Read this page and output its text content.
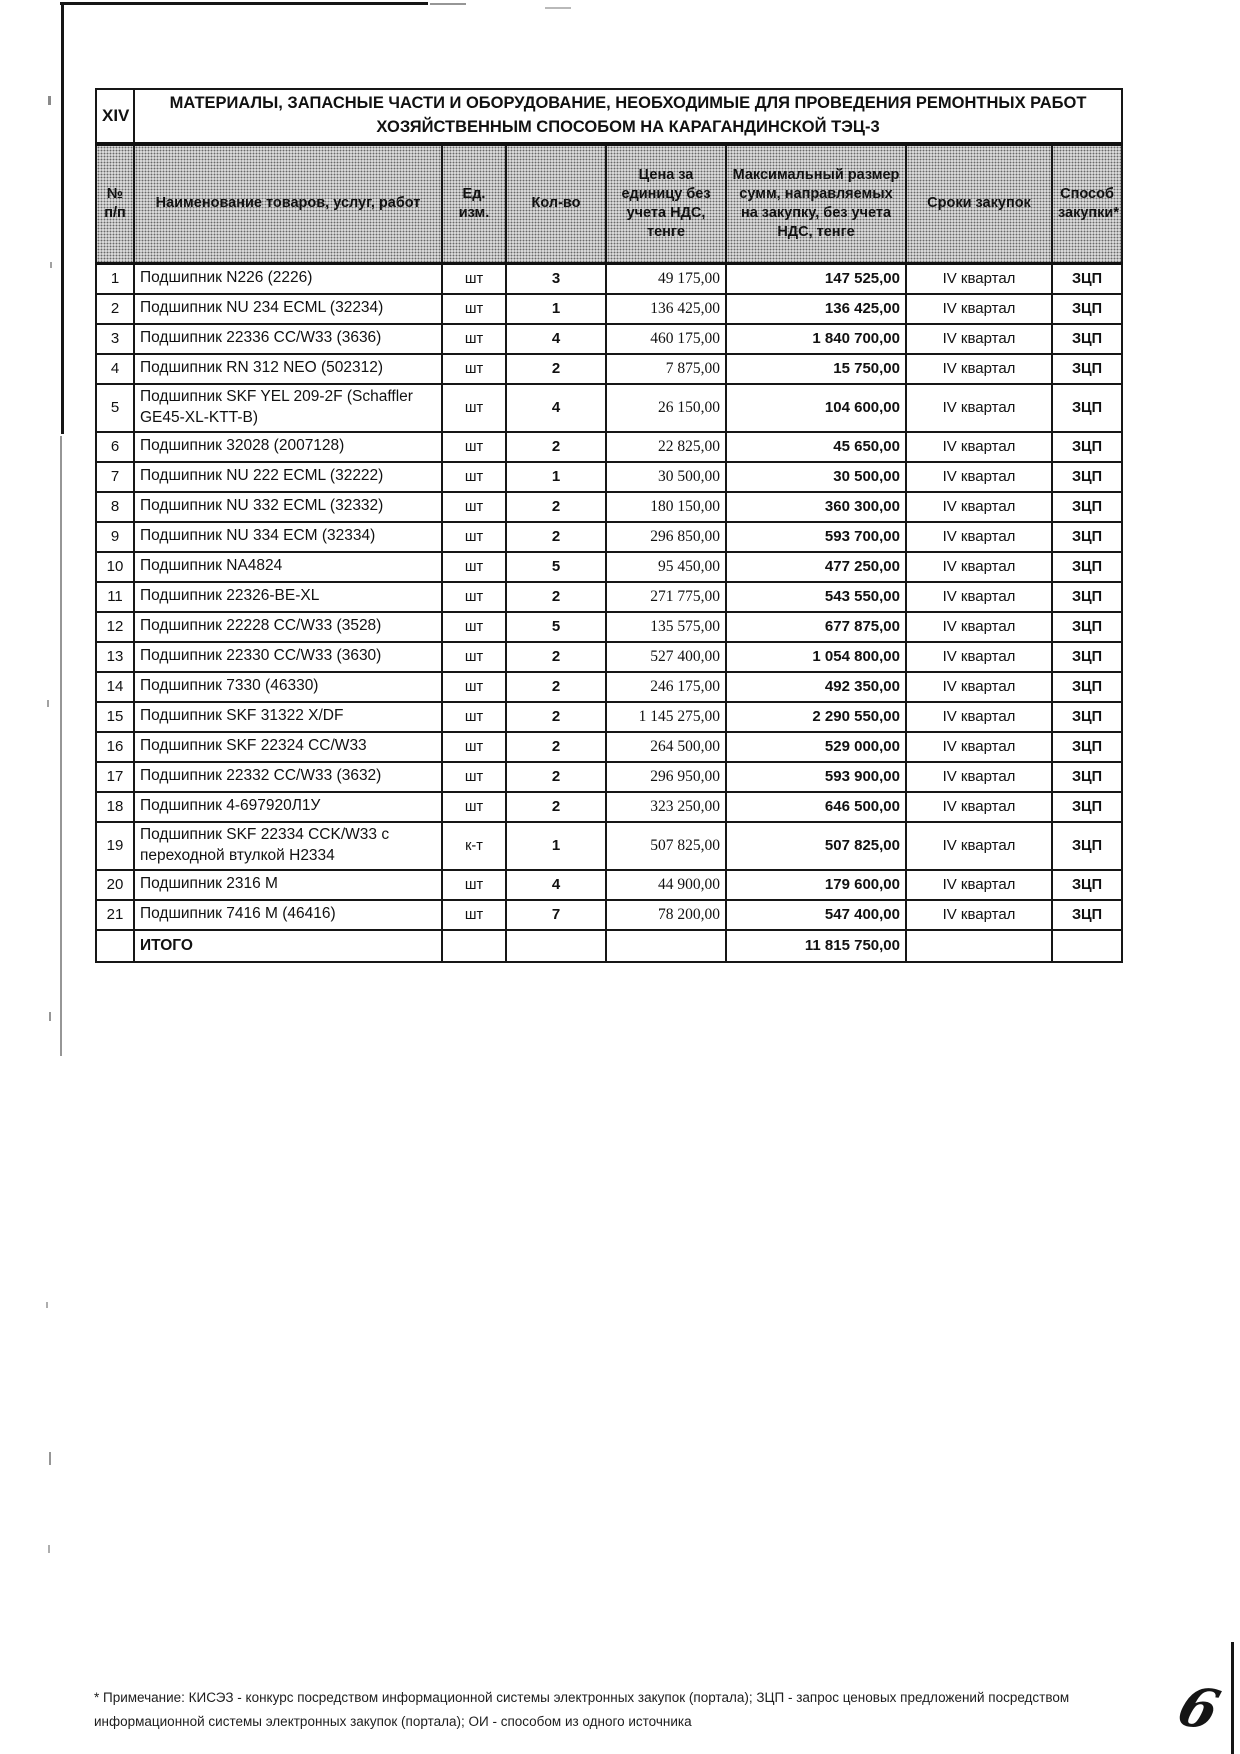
XIV	МАТЕРИАЛЫ, ЗАПАСНЫЕ ЧАСТИ И ОБОРУДОВАНИЕ, НЕОБХОДИМЫЕ ДЛЯ ПРОВЕДЕНИЯ РЕМОНТНЫХ РАБОТ ХОЗЯЙСТВЕННЫМ СПОСОБОМ НА КАРАГАНДИНСКОЙ ТЭЦ-3						
№ п/п	Наименование товаров, услуг, работ	Ед. изм.	Кол-во	Цена за единицу без учета НДС, тенге	Максимальный размер сумм, направляемых на закупку, без учета НДС, тенге	Сроки закупок	Способ закупки*
1	Подшипник N226 (2226)	шт	3	49 175,00	147 525,00	IV квартал	ЗЦП
2	Подшипник NU 234 ECML (32234)	шт	1	136 425,00	136 425,00	IV квартал	ЗЦП
3	Подшипник 22336 CC/W33 (3636)	шт	4	460 175,00	1 840 700,00	IV квартал	ЗЦП
4	Подшипник RN 312 NEO (502312)	шт	2	7 875,00	15 750,00	IV квартал	ЗЦП
5	Подшипник SKF YEL 209-2F (Schaffler GE45-XL-KTT-B)	шт	4	26 150,00	104 600,00	IV квартал	ЗЦП
6	Подшипник 32028 (2007128)	шт	2	22 825,00	45 650,00	IV квартал	ЗЦП
7	Подшипник NU 222 ECML (32222)	шт	1	30 500,00	30 500,00	IV квартал	ЗЦП
8	Подшипник NU 332 ECML (32332)	шт	2	180 150,00	360 300,00	IV квартал	ЗЦП
9	Подшипник NU 334 ECM (32334)	шт	2	296 850,00	593 700,00	IV квартал	ЗЦП
10	Подшипник NA4824	шт	5	95 450,00	477 250,00	IV квартал	ЗЦП
11	Подшипник 22326-BE-XL	шт	2	271 775,00	543 550,00	IV квартал	ЗЦП
12	Подшипник 22228 CC/W33 (3528)	шт	5	135 575,00	677 875,00	IV квартал	ЗЦП
13	Подшипник 22330 CC/W33 (3630)	шт	2	527 400,00	1 054 800,00	IV квартал	ЗЦП
14	Подшипник 7330 (46330)	шт	2	246 175,00	492 350,00	IV квартал	ЗЦП
15	Подшипник SKF 31322 X/DF	шт	2	1 145 275,00	2 290 550,00	IV квартал	ЗЦП
16	Подшипник SKF 22324 CC/W33	шт	2	264 500,00	529 000,00	IV квартал	ЗЦП
17	Подшипник 22332 CC/W33 (3632)	шт	2	296 950,00	593 900,00	IV квартал	ЗЦП
18	Подшипник 4-697920Л1У	шт	2	323 250,00	646 500,00	IV квартал	ЗЦП
19	Подшипник SKF 22334 CCK/W33 с переходной втулкой H2334	к-т	1	507 825,00	507 825,00	IV квартал	ЗЦП
20	Подшипник 2316 М	шт	4	44 900,00	179 600,00	IV квартал	ЗЦП
21	Подшипник 7416 М (46416)	шт	7	78 200,00	547 400,00	IV квартал	ЗЦП
	ИТОГО				11 815 750,00		
* Примечание: КИСЭЗ - конкурс посредством информационной системы электронных закупок (портала); ЗЦП - запрос ценовых предложений посредством информационной системы электронных закупок (портала); ОИ - способом из одного источника	6
